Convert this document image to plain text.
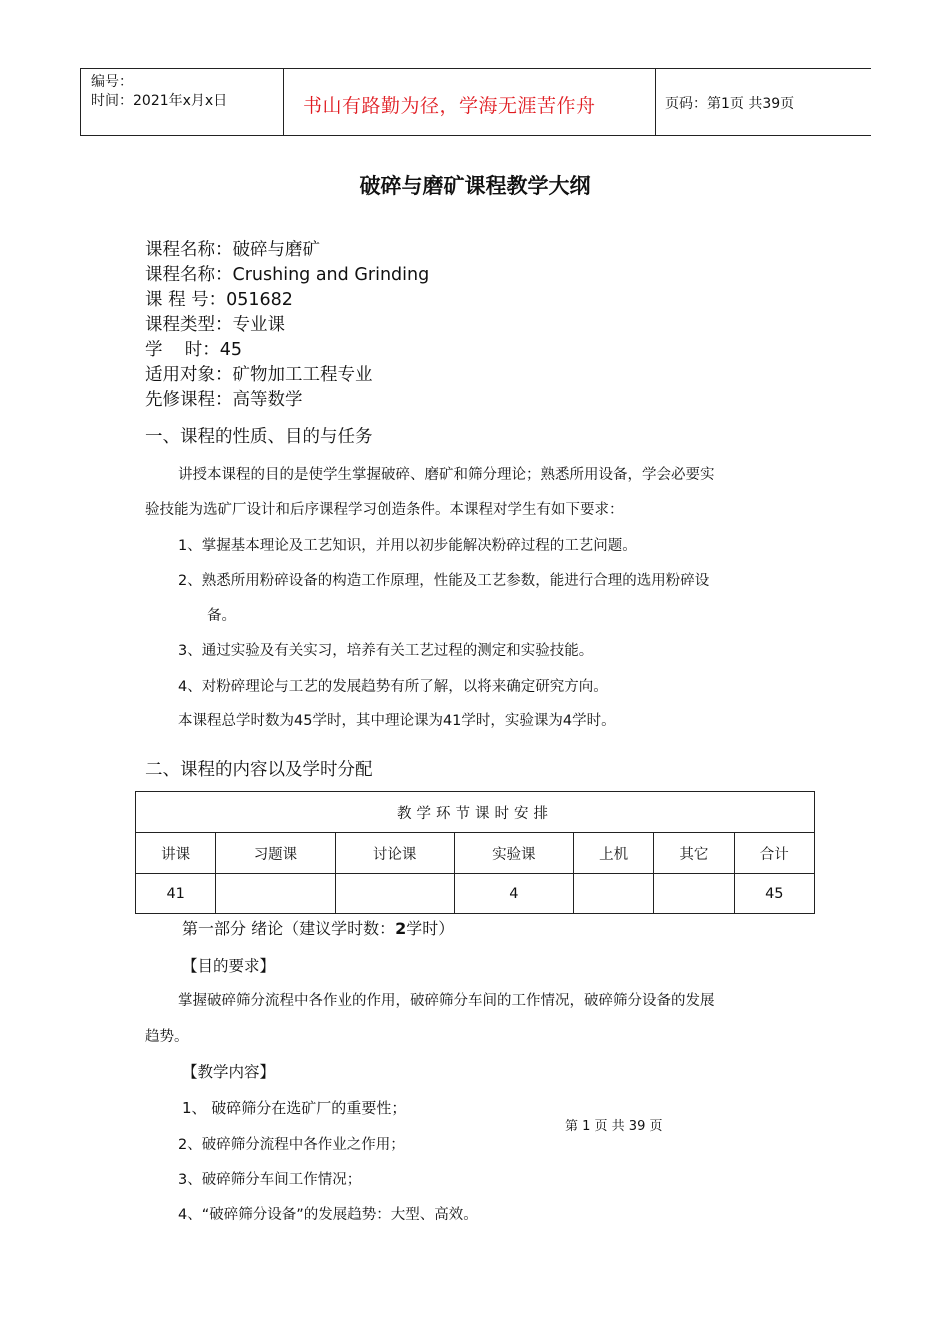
编号：
时间：2021年x月x日	书山有路勤为径，学海无涯苦作舟	页码：第1页 共39页
破碎与磨矿课程教学大纲
课程名称：破碎与磨矿
课程名称：Crushing and Grinding
课 程 号：051682
课程类型：专业课
学    时：45
适用对象：矿物加工工程专业
先修课程：高等数学
一、课程的性质、目的与任务
讲授本课程的目的是使学生掌握破碎、磨矿和筛分理论；熟悉所用设备，学会必要实
验技能为选矿厂设计和后序课程学习创造条件。本课程对学生有如下要求：
1、掌握基本理论及工艺知识，并用以初步能解决粉碎过程的工艺问题。
2、熟悉所用粉碎设备的构造工作原理，性能及工艺参数，能进行合理的选用粉碎设
备。
3、通过实验及有关实习，培养有关工艺过程的测定和实验技能。
4、对粉碎理论与工艺的发展趋势有所了解，以将来确定研究方向。
本课程总学时数为45学时，其中理论课为41学时，实验课为4学时。
二、课程的内容以及学时分配
教学环节课时安排						
讲课	习题课	讨论课	实验课	上机	其它	合计
41			4			45
第一部分 绪论（建议学时数：2学时）
【目的要求】
掌握破碎筛分流程中各作业的作用，破碎筛分车间的工作情况，破碎筛分设备的发展
趋势。
【教学内容】
1、 破碎筛分在选矿厂的重要性；
2、破碎筛分流程中各作业之作用；
3、破碎筛分车间工作情况；
4、“破碎筛分设备”的发展趋势：大型、高效。
第 1 页 共 39 页
